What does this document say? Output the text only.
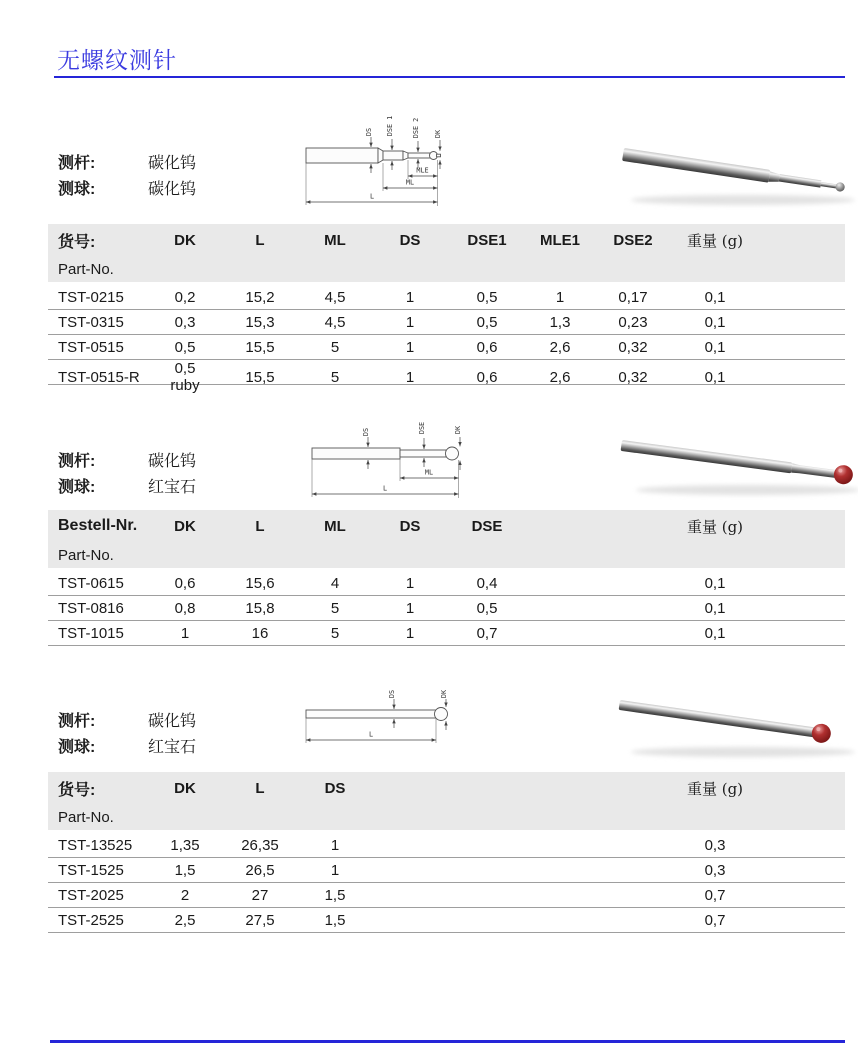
无螺纹测针
测杆:	碳化钨
测球:	碳化钨
DS DSE 1	DSE 2 DK
MLE
ML
L
货号:	DK	L	ML	DS	DSE1	MLE1	DSE2	重量 (g)
Part-No.
TST-0215	0,2	15,2	4,5	1	0,5	1	0,17	0,1
TST-0315	0,3	15,3	4,5	1	0,5	1,3	0,23	0,1
TST-0515	0,5	15,5	5	1	0,6	2,6	0,32	0,1
TST-0515-R	0,5 ruby	15,5	5	1	0,6	2,6	0,32	0,1
测杆:	碳化钨
测球:	红宝石
DS	DSE	DK
ML
L
Bestell-Nr.	DK	L	ML	DS	DSE	重量 (g)
Part-No.
TST-0615	0,6	15,6	4	1	0,4	0,1
TST-0816	0,8	15,8	5	1	0,5	0,1
TST-1015	1	16	5	1	0,7	0,1
测杆:	碳化钨
测球:	红宝石
DS	DK
L
货号:	DK	L	DS	重量 (g)
Part-No.
TST-13525	1,35	26,35	1	0,3
TST-1525	1,5	26,5	1	0,3
TST-2025	2	27	1,5	0,7
TST-2525	2,5	27,5	1,5	0,7
